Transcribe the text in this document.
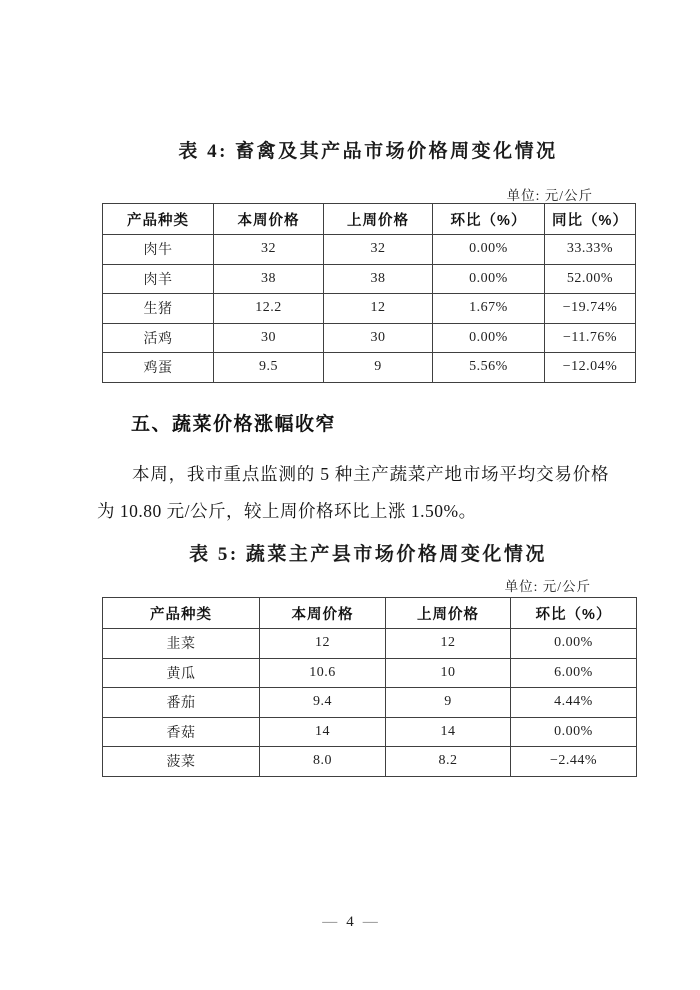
表 4: 畜禽及其产品市场价格周变化情况
单位: 元/公斤
产品种类	本周价格	上周价格	环比（%）	同比（%）
肉牛	32	32	0.00%	33.33%
肉羊	38	38	0.00%	52.00%
生猪	12.2	12	1.67%	−19.74%
活鸡	30	30	0.00%	−11.76%
鸡蛋	9.5	9	5.56%	−12.04%
五、蔬菜价格涨幅收窄

本周，我市重点监测的 5 种主产蔬菜产地市场平均交易价格为 10.80 元/公斤，较上周价格环比上涨 1.50%。

表 5: 蔬菜主产县市场价格周变化情况
单位: 元/公斤
产品种类	本周价格	上周价格	环比（%）
韭菜	12	12	0.00%
黄瓜	10.6	10	6.00%
番茄	9.4	9	4.44%
香菇	14	14	0.00%
菠菜	8.0	8.2	−2.44%
— 4 —
